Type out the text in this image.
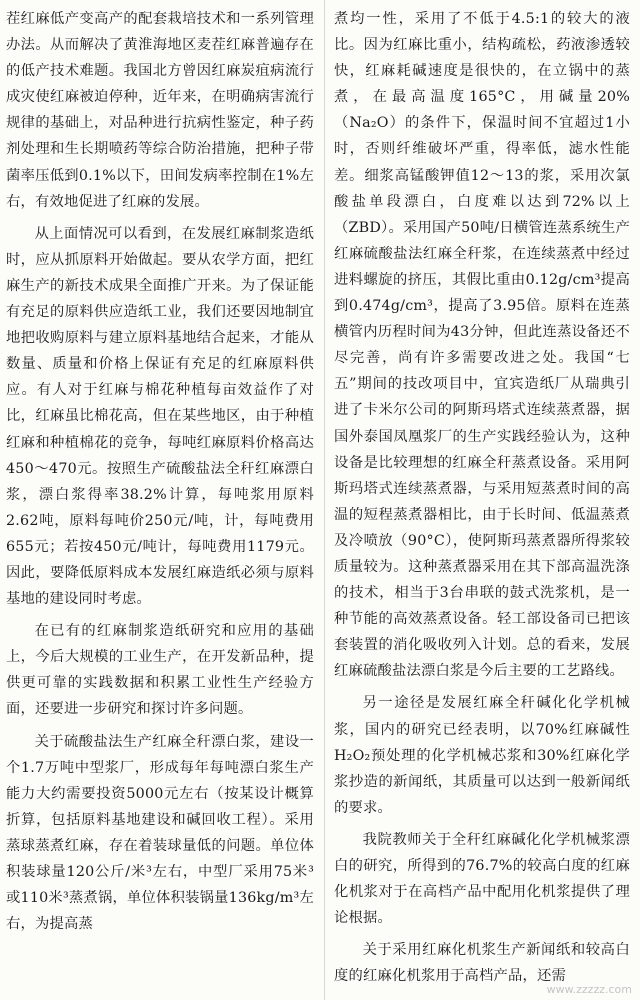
茬红麻低产变高产的配套栽培技术和一系列管理办法。从而解决了黄淮海地区麦茬红麻普遍存在的低产技术难题。我国北方曾因红麻炭疽病流行成灾使红麻被迫停种，近年来，在明确病害流行规律的基础上，对品种进行抗病性鉴定，种子药剂处理和生长期喷药等综合防治措施，把种子带菌率压低到0.1%以下，田间发病率控制在1%左右，有效地促进了红麻的发展。

从上面情况可以看到，在发展红麻制浆造纸时，应从抓原料开始做起。要从农学方面，把红麻生产的新技术成果全面推广开来。为了保证能有充足的原料供应造纸工业，我们还要因地制宜地把收购原料与建立原料基地结合起来，才能从数量、质量和价格上保证有充足的红麻原料供应。有人对于红麻与棉花种植每亩效益作了对比，红麻虽比棉花高，但在某些地区，由于种植红麻和种植棉花的竞争，每吨红麻原料价格高达450～470元。按照生产硫酸盐法全秆红麻漂白浆，漂白浆得率38.2%计算，每吨浆用原料2.62吨，原料每吨价250元/吨，计，每吨费用655元；若按450元/吨计，每吨费用1179元。因此，要降低原料成本发展红麻造纸必须与原料基地的建设同时考虑。

在已有的红麻制浆造纸研究和应用的基础上，今后大规模的工业生产，在开发新品种，提供更可靠的实践数据和积累工业性生产经验方面，还要进一步研究和探讨许多问题。

关于硫酸盐法生产红麻全秆漂白浆，建设一个1.7万吨中型浆厂，形成每年每吨漂白浆生产能力大约需要投资5000元左右（按某设计概算折算，包括原料基地建设和碱回收工程）。采用蒸球蒸煮红麻，存在着装球量低的问题。单位体积装球量120公斤/米³左右，中型厂采用75米³或110米³蒸煮锅，单位体积装锅量136kg/m³左右，为提高蒸

煮均一性，采用了不低于4.5:1的较大的液比。因为红麻比重小，结构疏松，药液渗透较快，红麻耗碱速度是很快的，在立锅中的蒸煮，在最高温度165°C，用碱量20%（Na₂O）的条件下，保温时间不宜超过1小时，否则纤维破坏严重，得率低，滤水性能差。细浆高锰酸钾值12～13的浆，采用次氯酸盐单段漂白，白度难以达到72%以上（ZBD）。采用国产50吨/日横管连蒸系统生产红麻硫酸盐法红麻全秆浆，在连续蒸煮中经过进料螺旋的挤压，其假比重由0.12g/cm³提高到0.474g/cm³，提高了3.95倍。原料在连蒸横管内历程时间为43分钟，但此连蒸设备还不尽完善，尚有许多需要改进之处。我国“七五”期间的技改项目中，宜宾造纸厂从瑞典引进了卡米尔公司的阿斯玛塔式连续蒸煮器，据国外泰国凤凰浆厂的生产实践经验认为，这种设备是比较理想的红麻全秆蒸煮设备。采用阿斯玛塔式连续蒸煮器，与采用短蒸煮时间的高温的短程蒸煮器相比，由于长时间、低温蒸煮及冷喷放（90°C），使阿斯玛蒸煮器所得浆较质量较为。这种蒸煮器采用在其下部高温洗涤的技术，相当于3台串联的鼓式洗浆机，是一种节能的高效蒸煮设备。轻工部设备司已把该套装置的消化吸收列入计划。总的看来，发展红麻硫酸盐法漂白浆是今后主要的工艺路线。

另一途径是发展红麻全秆碱化化学机械浆，国内的研究已经表明，以70%红麻碱性H₂O₂预处理的化学机械芯浆和30%红麻化学浆抄造的新闻纸，其质量可以达到一般新闻纸的要求。

我院教师关于全秆红麻碱化化学机械浆漂白的研究，所得到的76.7%的较高白度的红麻化机浆对于在高档产品中配用化机浆提供了理论根据。

关于采用红麻化机浆生产新闻纸和较高白度的红麻化机浆用于高档产品，还需

www.zzzzz.com
